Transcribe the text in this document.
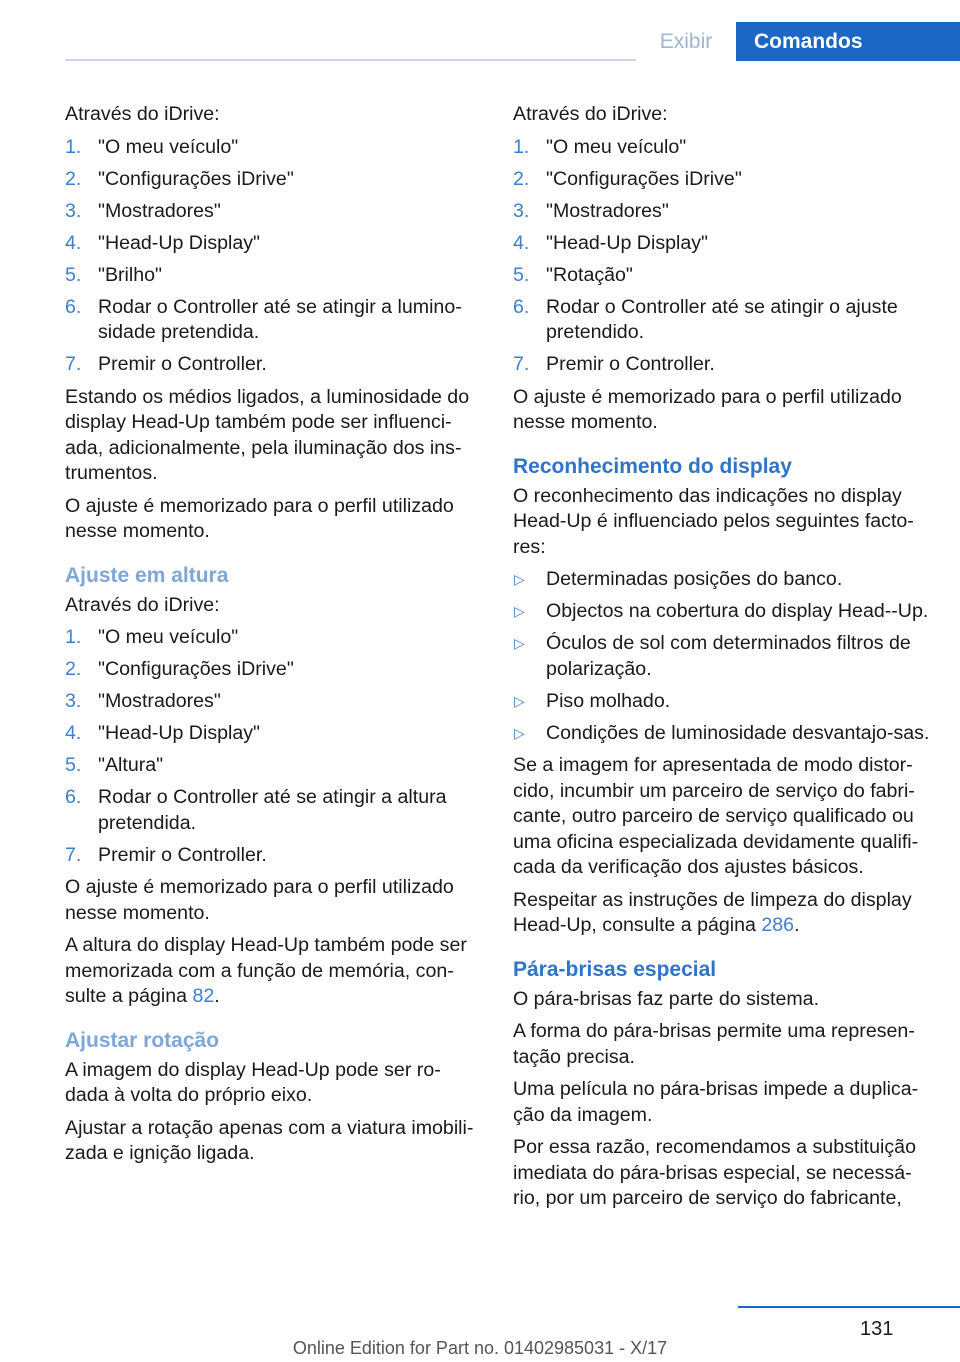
Exibir	Comandos

Através do iDrive:

1. "O meu veículo"
2. "Configurações iDrive"
3. "Mostradores"
4. "Head-Up Display"
5. "Brilho"
6. Rodar o Controller até se atingir a lumino-sidade pretendida.
7. Premir o Controller.

Estando os médios ligados, a luminosidade do display Head-Up também pode ser influenci-ada, adicionalmente, pela iluminação dos ins-trumentos.

O ajuste é memorizado para o perfil utilizado nesse momento.

Ajuste em altura

Através do iDrive:

1. "O meu veículo"
2. "Configurações iDrive"
3. "Mostradores"
4. "Head-Up Display"
5. "Altura"
6. Rodar o Controller até se atingir a altura pretendida.
7. Premir o Controller.

O ajuste é memorizado para o perfil utilizado nesse momento.

A altura do display Head-Up também pode ser memorizada com a função de memória, con-sulte a página 82.

Ajustar rotação

A imagem do display Head-Up pode ser ro-dada à volta do próprio eixo.

Ajustar a rotação apenas com a viatura imobili-zada e ignição ligada.

Através do iDrive:

1. "O meu veículo"
2. "Configurações iDrive"
3. "Mostradores"
4. "Head-Up Display"
5. "Rotação"
6. Rodar o Controller até se atingir o ajuste pretendido.
7. Premir o Controller.

O ajuste é memorizado para o perfil utilizado nesse momento.

Reconhecimento do display

O reconhecimento das indicações no display Head-Up é influenciado pelos seguintes facto-res:

▷ Determinadas posições do banco.
▷ Objectos na cobertura do display Head--Up.
▷ Óculos de sol com determinados filtros de polarização.
▷ Piso molhado.
▷ Condições de luminosidade desvantajo-sas.

Se a imagem for apresentada de modo distor-cido, incumbir um parceiro de serviço do fabri-cante, outro parceiro de serviço qualificado ou uma oficina especializada devidamente qualifi-cada da verificação dos ajustes básicos.

Respeitar as instruções de limpeza do display Head-Up, consulte a página 286.

Pára-brisas especial

O pára-brisas faz parte do sistema.

A forma do pára-brisas permite uma represen-tação precisa.

Uma película no pára-brisas impede a duplica-ção da imagem.

Por essa razão, recomendamos a substituição imediata do pára-brisas especial, se necessá-rio, por um parceiro de serviço do fabricante,

131
Online Edition for Part no. 01402985031 - X/17
